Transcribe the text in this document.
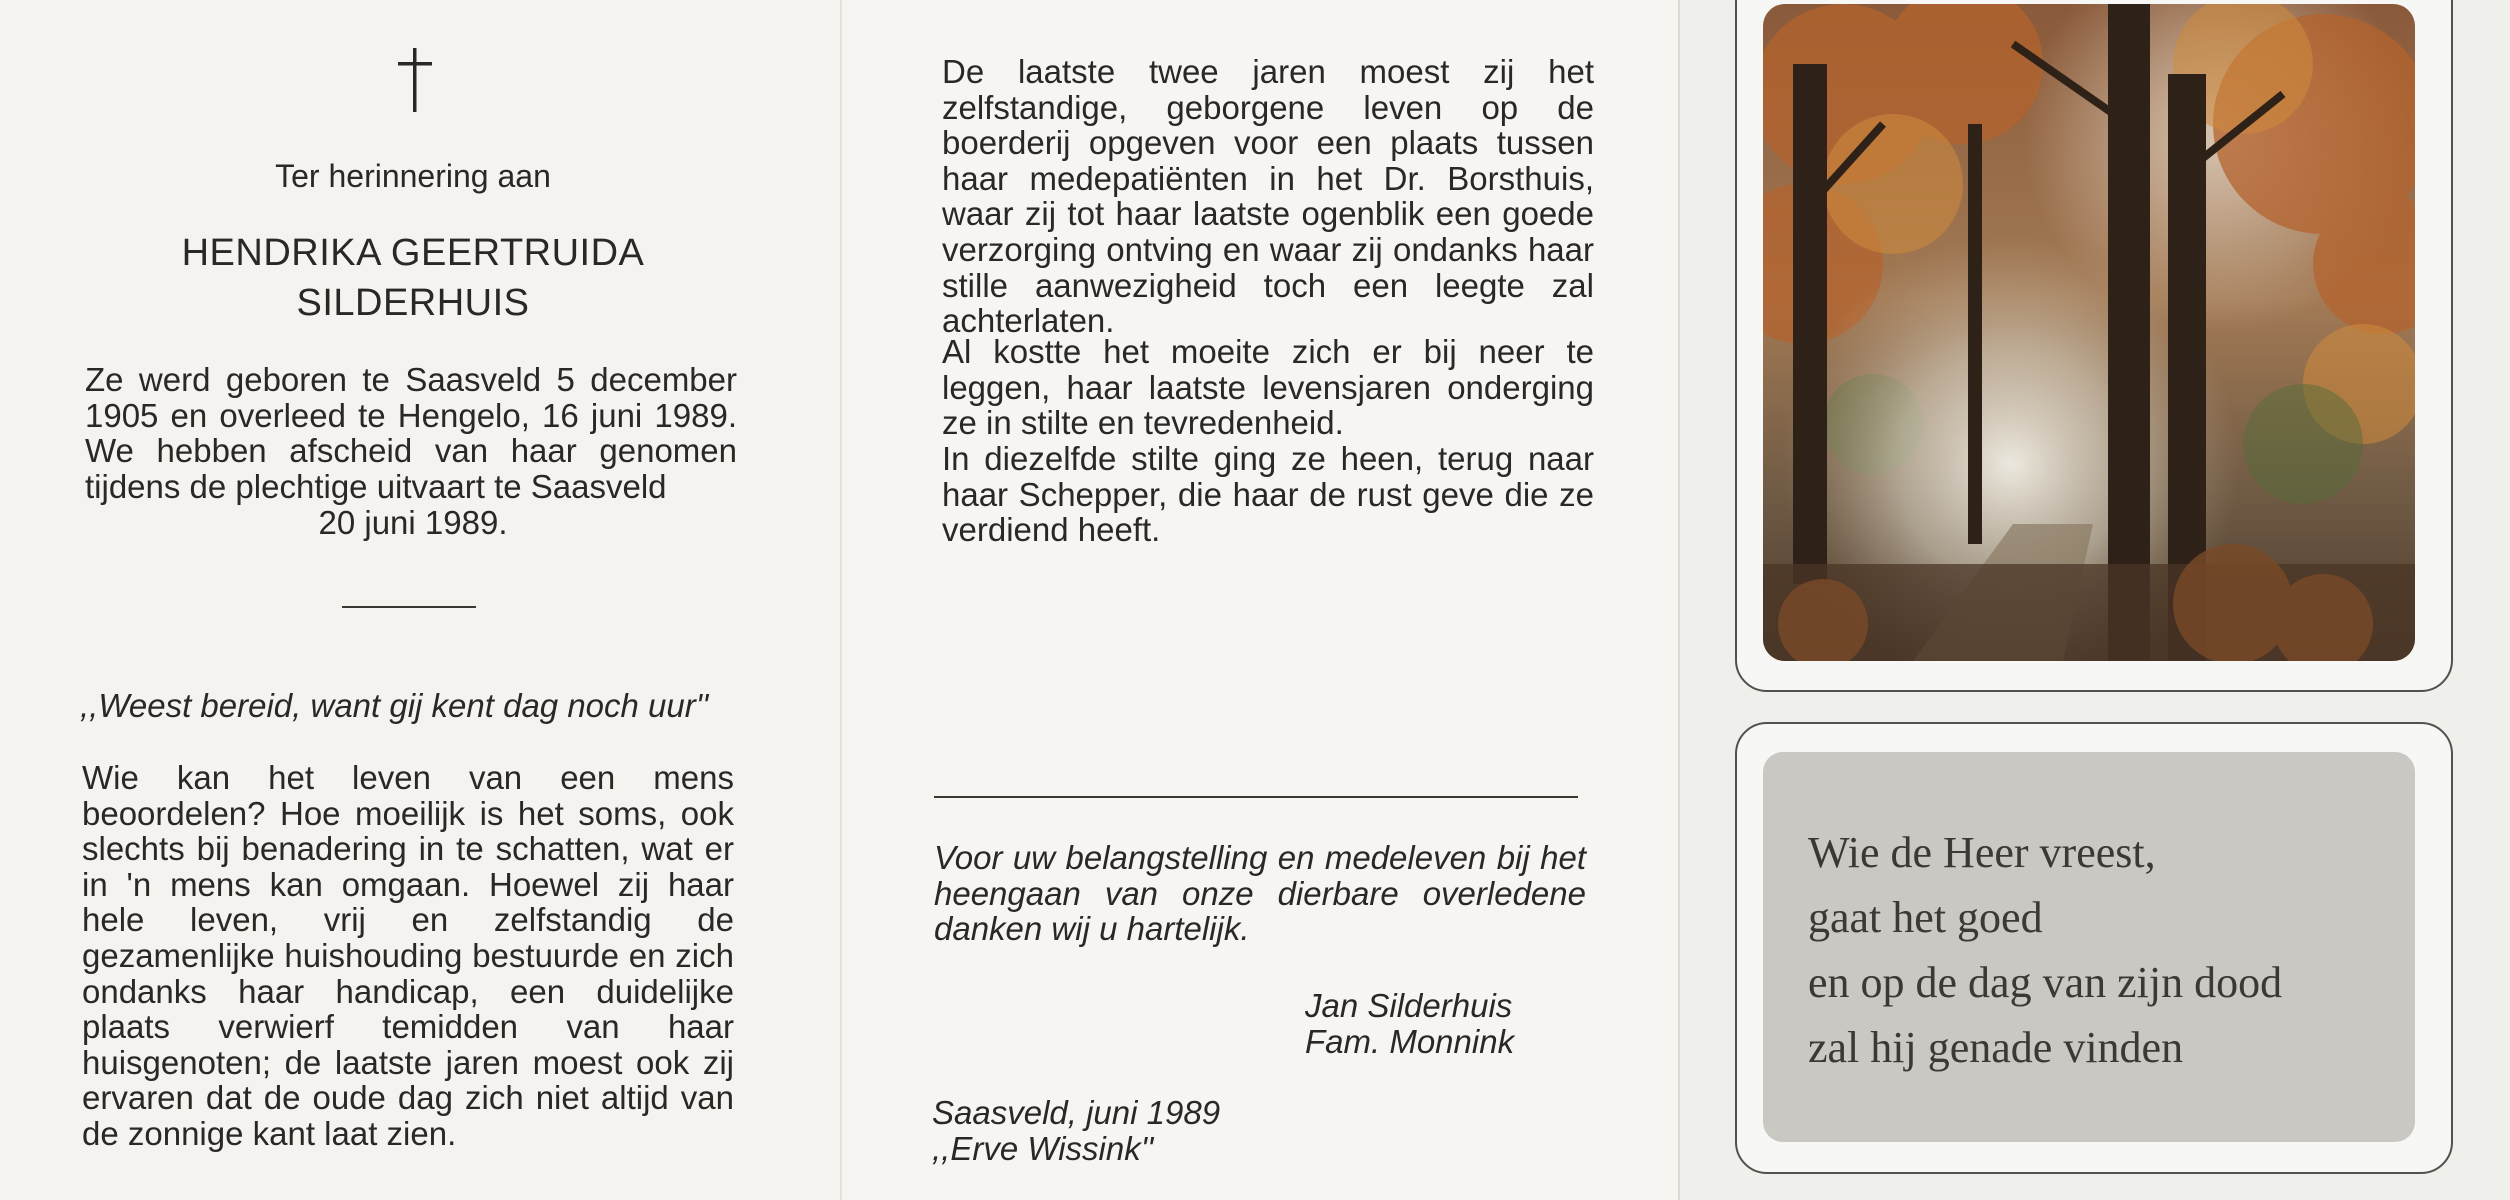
Ter herinnering aan

HENDRIKA GEERTRUIDA
SILDERHUIS

Ze werd geboren te Saasveld 5 december 1905 en overleed te Hengelo, 16 juni 1989. We hebben afscheid van haar genomen tijdens de plechtige uitvaart te Saasveld

20 juni 1989.

,,Weest bereid, want gij kent dag noch uur''

Wie kan het leven van een mens beoordelen? Hoe moeilijk is het soms, ook slechts bij benadering in te schatten, wat er in 'n mens kan omgaan. Hoewel zij haar hele leven, vrij en zelfstandig de gezamenlijke huishouding bestuurde en zich ondanks haar handicap, een duidelijke plaats verwierf temidden van haar huisgenoten; de laatste jaren moest ook zij ervaren dat de oude dag zich niet altijd van de zonnige kant laat zien.

De laatste twee jaren moest zij het zelfstandige, geborgene leven op de boerderij opgeven voor een plaats tussen haar medepatiënten in het Dr. Borsthuis, waar zij tot haar laatste ogenblik een goede verzorging ontving en waar zij ondanks haar stille aanwezigheid toch een leegte zal achterlaten.

Al kostte het moeite zich er bij neer te leggen, haar laatste levensjaren onderging ze in stilte en tevredenheid.

In diezelfde stilte ging ze heen, terug naar haar Schepper, die haar de rust geve die ze verdiend heeft.

Voor uw belangstelling en medeleven bij het heengaan van onze dierbare overledene danken wij u hartelijk.

Jan Silderhuis
Fam. Monnink
Saasveld, juni 1989
,,Erve Wissink''

Wie de Heer vreest,
gaat het goed
en op de dag van zijn dood
zal hij genade vinden
